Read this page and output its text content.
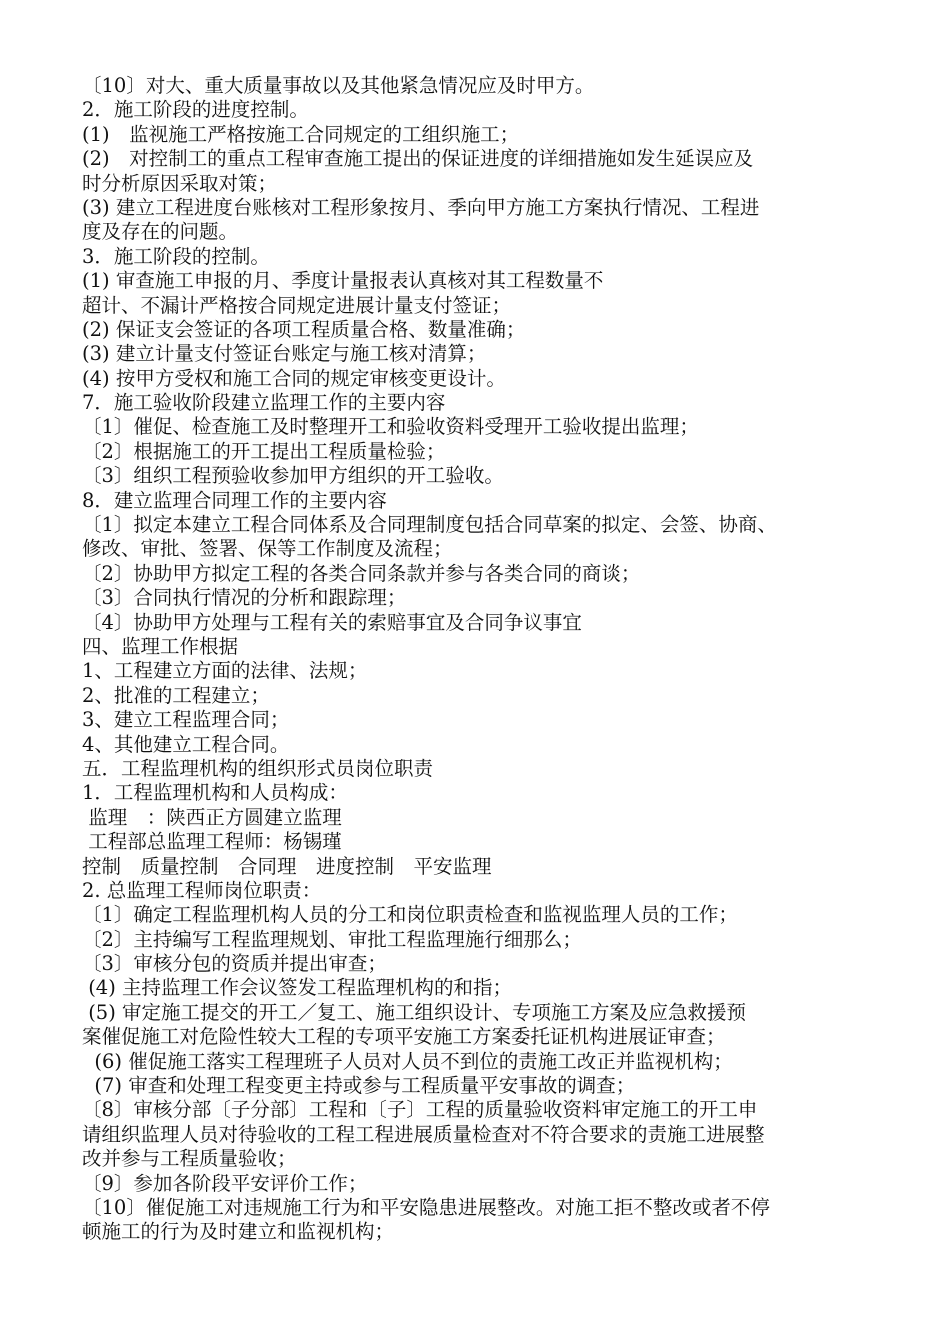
〔10〕对大、重大质量事故以及其他紧急情况应及时甲方。
2．施工阶段的进度控制。
(1)　监视施工严格按施工合同规定的工组织施工；
(2)　对控制工的重点工程审查施工提出的保证进度的详细措施如发生延误应及
时分析原因采取对策；
(3) 建立工程进度台账核对工程形象按月、季向甲方施工方案执行情况、工程进
度及存在的问题。
3．施工阶段的控制。
(1) 审查施工申报的月、季度计量报表认真核对其工程数量不
超计、不漏计严格按合同规定进展计量支付签证；
(2) 保证支会签证的各项工程质量合格、数量准确；
(3) 建立计量支付签证台账定与施工核对清算；
(4) 按甲方受权和施工合同的规定审核变更设计。
7．施工验收阶段建立监理工作的主要内容
〔1〕催促、检查施工及时整理开工和验收资料受理开工验收提出监理；
〔2〕根据施工的开工提出工程质量检验；
〔3〕组织工程预验收参加甲方组织的开工验收。
8．建立监理合同理工作的主要内容
〔1〕拟定本建立工程合同体系及合同理制度包括合同草案的拟定、会签、协商、
修改、审批、签署、保等工作制度及流程；
〔2〕协助甲方拟定工程的各类合同条款并参与各类合同的商谈；
〔3〕合同执行情况的分析和跟踪理；
〔4〕协助甲方处理与工程有关的索赔事宜及合同争议事宜
四、监理工作根据
1、工程建立方面的法律、法规；
2、批准的工程建立；
3、建立工程监理合同；
4、其他建立工程合同。
五．工程监理机构的组织形式员岗位职责
1．工程监理机构和人员构成：
监理　：陕西正方圆建立监理
工程部总监理工程师：杨锡瑾
控制　质量控制　合同理　进度控制　平安监理
2. 总监理工程师岗位职责：
〔1〕确定工程监理机构人员的分工和岗位职责检查和监视监理人员的工作；
〔2〕主持编写工程监理规划、审批工程监理施行细那么；
〔3〕审核分包的资质并提出审查；
(4) 主持监理工作会议签发工程监理机构的和指；
(5) 审定施工提交的开工／复工、施工组织设计、专项施工方案及应急救援预
案催促施工对危险性较大工程的专项平安施工方案委托证机构进展证审查；
(6) 催促施工落实工程理班子人员对人员不到位的责施工改正并监视机构；
(7) 审查和处理工程变更主持或参与工程质量平安事故的调查；
〔8〕审核分部〔子分部〕工程和〔子〕工程的质量验收资料审定施工的开工申
请组织监理人员对待验收的工程工程进展质量检查对不符合要求的责施工进展整
改并参与工程质量验收；
〔9〕参加各阶段平安评价工作；
〔10〕催促施工对违规施工行为和平安隐患进展整改。对施工拒不整改或者不停
顿施工的行为及时建立和监视机构；
